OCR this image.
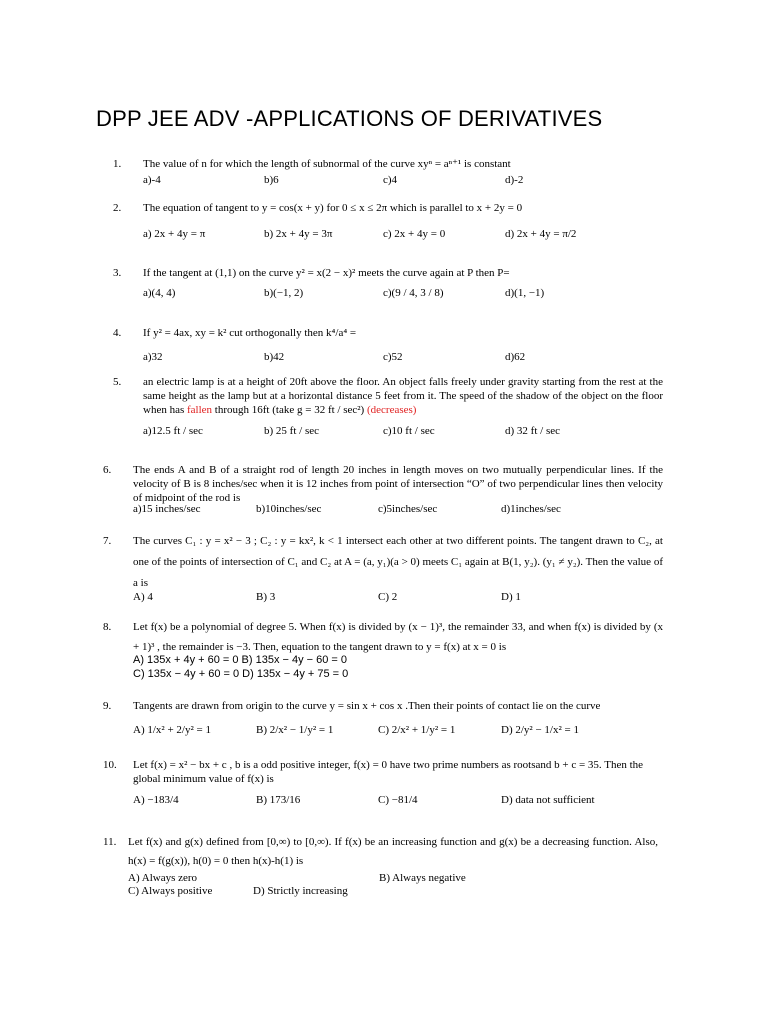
DPP JEE ADV -APPLICATIONS OF DERIVATIVES
1. The value of n for which the length of subnormal of the curve xyⁿ = aⁿ⁺¹ is constant
a)-4	b)6	c)4	d)-2
2. The equation of tangent to y = cos(x + y) for 0 ≤ x ≤ 2π which is parallel to x + 2y = 0
a) 2x + 4y = π	b) 2x + 4y = 3π	c) 2x + 4y = 0	d) 2x + 4y = π/2
3. If the tangent at (1,1) on the curve y² = x(2 − x)² meets the curve again at P then P=
a)(4, 4)	b)(−1, 2)	c)(9 / 4, 3 / 8)	d)(1, −1)
4. If y² = 4ax, xy = k² cut orthogonally then k⁴/a⁴ =
a)32	b)42	c)52	d)62
5. an electric lamp is at a height of 20ft above the floor. An object falls freely under gravity starting from the rest at the same height as the lamp but at a horizontal distance 5 feet from it. The speed of the shadow of the object on the floor when has fallen through 16ft (take g = 32 ft / sec²) (decreases)
a)12.5 ft / sec	b) 25 ft / sec	c)10 ft / sec	d) 32 ft / sec
6. The ends A and B of a straight rod of length 20 inches in length moves on two mutually perpendicular lines. If the velocity of B is 8 inches/sec when it is 12 inches from point of intersection “O” of two perpendicular lines then velocity of midpoint of the rod is
a)15 inches/sec	b)10inches/sec	c)5inches/sec	d)1inches/sec
7. The curves C₁ : y = x² − 3 ; C₂ : y = kx², k < 1 intersect each other at two different points. The tangent drawn to C₂, at one of the points of intersection of C₁ and C₂ at A = (a, y₁)(a > 0) meets C₁ again at B(1, y₂). (y₁ ≠ y₂). Then the value of a is
A) 4	B) 3	C) 2	D) 1
8. Let f(x) be a polynomial of degree 5. When f(x) is divided by (x − 1)³, the remainder 33, and when f(x) is divided by (x + 1)³ , the remainder is −3. Then, equation to the tangent drawn to y = f(x) at x = 0 is
A) 135x + 4y + 60 = 0 B) 135x − 4y − 60 = 0
C) 135x − 4y + 60 = 0 D) 135x − 4y + 75 = 0
9. Tangents are drawn from origin to the curve y = sin x + cos x .Then their points of contact lie on the curve
A) 1/x² + 2/y² = 1	B) 2/x² − 1/y² = 1	C) 2/x² + 1/y² = 1	D) 2/y² − 1/x² = 1
10. Let f(x) = x² − bx + c , b is a odd positive integer, f(x) = 0 have two prime numbers as rootsand b + c = 35. Then the global minimum value of f(x) is
A) −183/4	B) 173/16	C) −81/4	D) data not sufficient
11. Let f(x) and g(x) defined from [0,∞) to [0,∞). If f(x) be an increasing function and g(x) be a decreasing function. Also, h(x) = f(g(x)), h(0) = 0 then h(x)-h(1) is
A) Always zero	B) Always negative
C) Always positive	D) Strictly increasing
